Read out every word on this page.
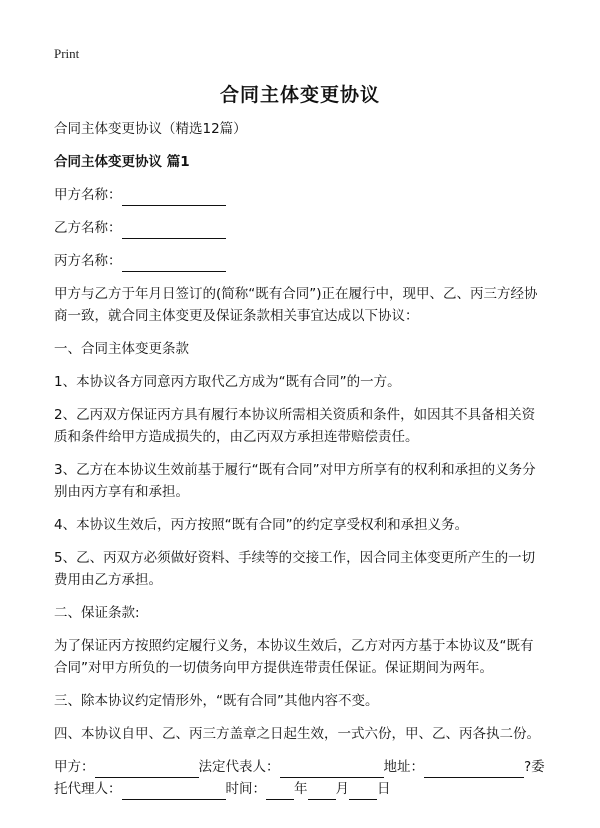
Print
合同主体变更协议

合同主体变更协议（精选12篇）

合同主体变更协议 篇1

甲方名称：
乙方名称：
丙方名称：

甲方与乙方于年月日签订的(简称“既有合同”)正在履行中，现甲、乙、丙三方经协
商一致，就合同主体变更及保证条款相关事宜达成以下协议：

一、合同主体变更条款

1、本协议各方同意丙方取代乙方成为“既有合同”的一方。

2、乙丙双方保证丙方具有履行本协议所需相关资质和条件，如因其不具备相关资
质和条件给甲方造成损失的，由乙丙双方承担连带赔偿责任。

3、乙方在本协议生效前基于履行“既有合同”对甲方所享有的权利和承担的义务分
别由丙方享有和承担。

4、本协议生效后，丙方按照“既有合同”的约定享受权利和承担义务。

5、乙、丙双方必须做好资料、手续等的交接工作，因合同主体变更所产生的一切
费用由乙方承担。

二、保证条款:

为了保证丙方按照约定履行义务，本协议生效后，乙方对丙方基于本协议及“既有
合同”对甲方所负的一切债务向甲方提供连带责任保证。保证期间为两年。

三、除本协议约定情形外，“既有合同”其他内容不变。

四、本协议自甲、乙、丙三方盖章之日起生效，一式六份，甲、乙、丙各执二份。

甲方：	法定代表人：	地址：	?委
托代理人：	时间： 年 月 日
